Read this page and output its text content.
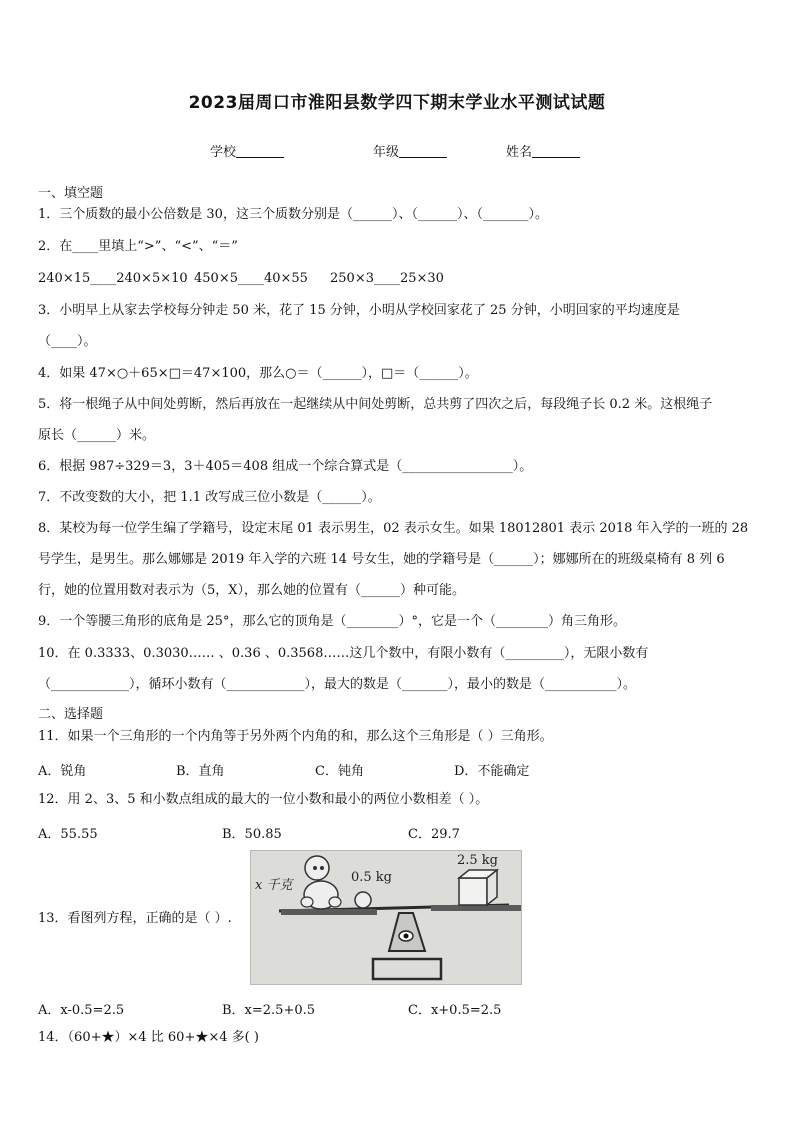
2023届周口市淮阳县数学四下期末学业水平测试试题
学校	年级	姓名
一、填空题
1．三个质数的最小公倍数是 30，这三个质数分别是（______）、（______）、（_______）。
2．在____里填上“>”、“<”、“＝”
240×15____240×5×10 450×5____40×55 250×3____25×30
3．小明早上从家去学校每分钟走 50 米，花了 15 分钟，小明从学校回家花了 25 分钟，小明回家的平均速度是
（____）。
4．如果 47×○＋65×□＝47×100，那么○＝（______），□＝（______）。
5．将一根绳子从中间处剪断，然后再放在一起继续从中间处剪断，总共剪了四次之后，每段绳子长 0.2 米。这根绳子
原长（______）米。
6．根据 987÷329＝3，3＋405＝408 组成一个综合算式是（_________________）。
7．不改变数的大小，把 1.1 改写成三位小数是（______）。
8．某校为每一位学生编了学籍号，设定末尾 01 表示男生，02 表示女生。如果 18012801 表示 2018 年入学的一班的 28
号学生，是男生。那么娜娜是 2019 年入学的六班 14 号女生，她的学籍号是（______）；娜娜所在的班级桌椅有 8 列 6
行，她的位置用数对表示为（5，X），那么她的位置有（______）种可能。
9．一个等腰三角形的底角是 25°，那么它的顶角是（________）°，它是一个（________）角三角形。
10．在 0.3333、0.3030…… 、0.36 、0.3568……这几个数中，有限小数有（_________），无限小数有
（____________），循环小数有（____________），最大的数是（_______），最小的数是（___________）。
二、选择题
11．如果一个三角形的一个内角等于另外两个内角的和，那么这个三角形是（ ）三角形。
A．锐角	B．直角	C．钝角	D．不能确定
12．用 2、3、5 和小数点组成的最大的一位小数和最小的两位小数相差（ ）。
A．55.55	B．50.85	C．29.7
13．看图列方程，正确的是（ ）.
x 千克
0.5 kg
2.5 kg
A．x-0.5=2.5	B．x=2.5+0.5	C．x+0.5=2.5
14．（60+★）×4 比 60+★×4 多( )
